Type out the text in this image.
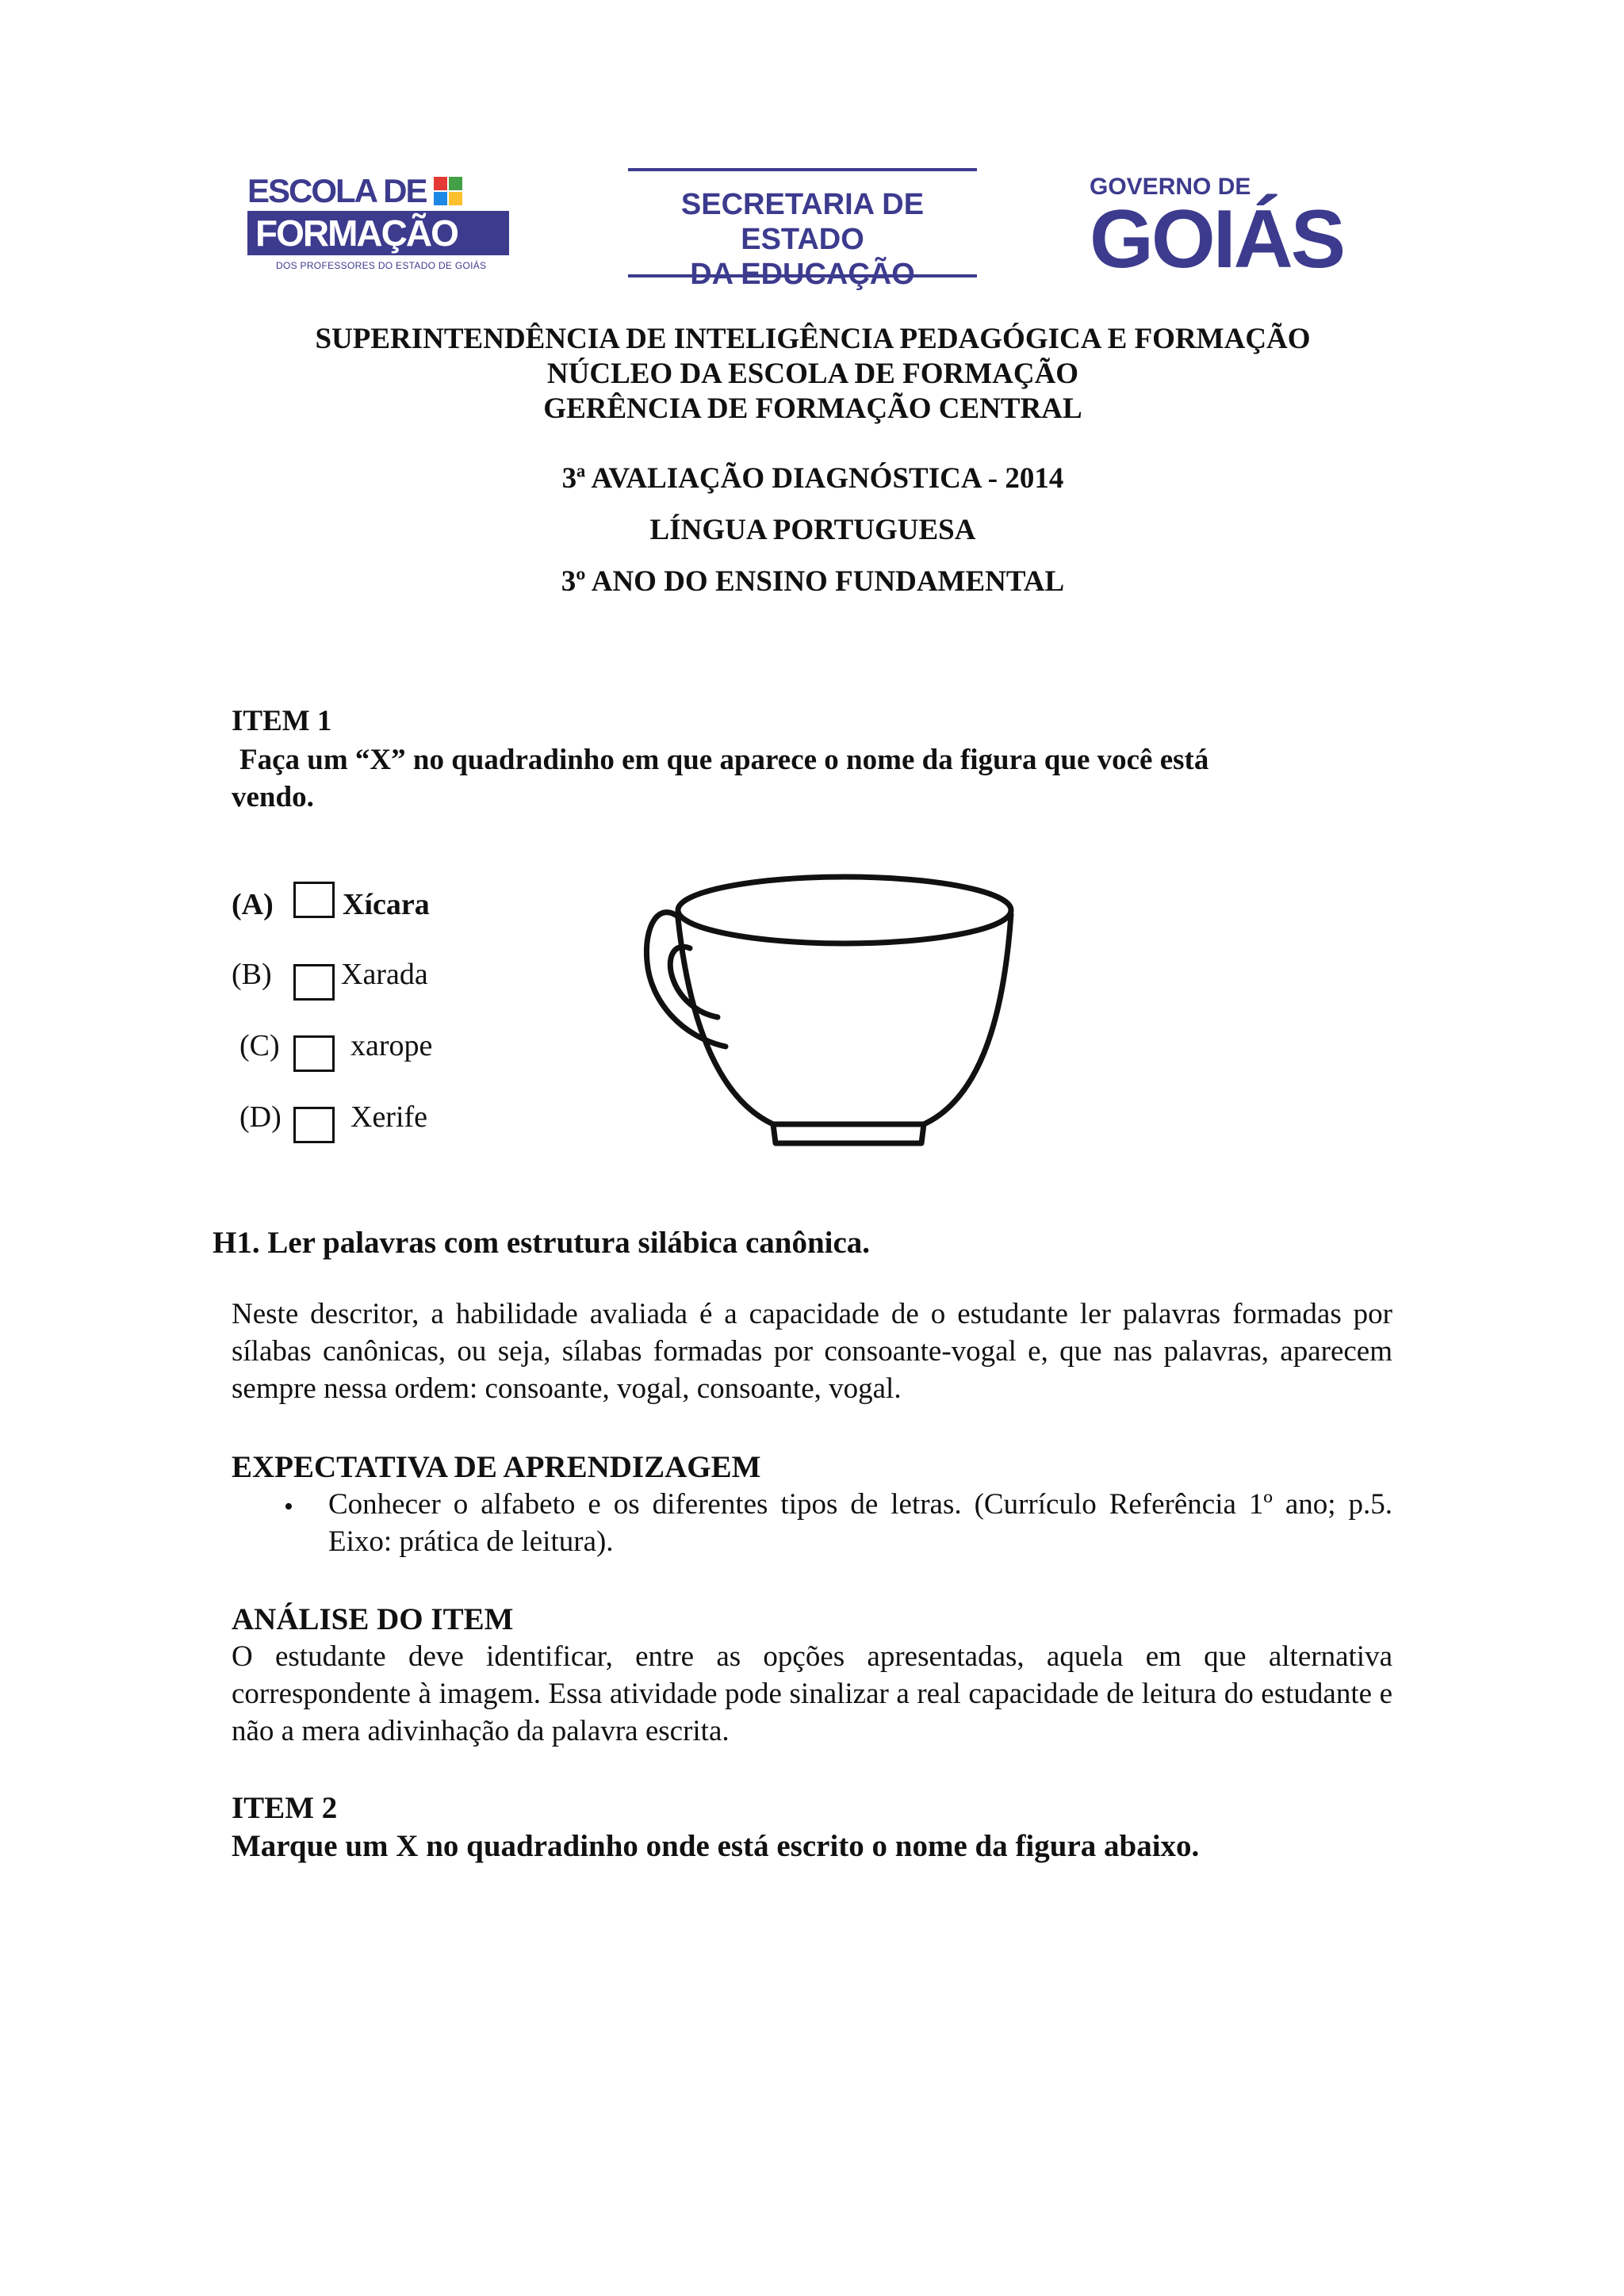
ESCOLA DE
FORMAÇÃO
DOS PROFESSORES DO ESTADO DE GOIÁS
SECRETARIA DE ESTADO
DA EDUCAÇÃO
GOVERNO DE
GOIÁS
SUPERINTENDÊNCIA DE INTELIGÊNCIA PEDAGÓGICA E FORMAÇÃO
NÚCLEO DA ESCOLA DE FORMAÇÃO
GERÊNCIA DE FORMAÇÃO CENTRAL
3ª AVALIAÇÃO DIAGNÓSTICA - 2014
LÍNGUA PORTUGUESA
3º ANO DO ENSINO FUNDAMENTAL
ITEM 1
Faça um “X” no quadradinho em que aparece o nome da figura que você está
vendo.
(A) Xícara
(B) Xarada
(C) xarope
(D) Xerife
H1. Ler palavras com estrutura silábica canônica.
Neste descritor, a habilidade avaliada é a capacidade de o estudante ler palavras formadas por sílabas canônicas, ou seja, sílabas formadas por consoante-vogal e, que nas palavras, aparecem sempre nessa ordem: consoante, vogal, consoante, vogal.
EXPECTATIVA DE APRENDIZAGEM
• Conhecer o alfabeto e os diferentes tipos de letras. (Currículo Referência 1º ano; p.5. Eixo: prática de leitura).
ANÁLISE DO ITEM
O estudante deve identificar, entre as opções apresentadas, aquela em que alternativa correspondente à imagem. Essa atividade pode sinalizar a real capacidade de leitura do estudante e não a mera adivinhação da palavra escrita.
ITEM 2
Marque um X no quadradinho onde está escrito o nome da figura abaixo.
